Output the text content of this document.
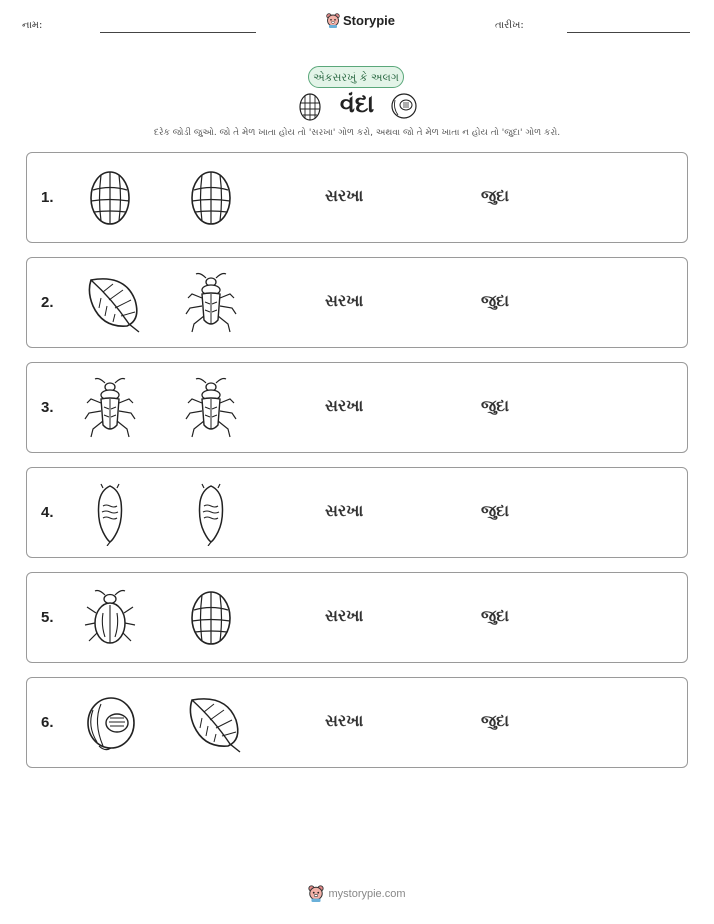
નામ:	Storypie	તારીખ:
એકસરખું કે અલગ
વંદા
દરેક જોડી જુઓ. જો તે મેળ ખાતા હોય તો 'સરખા' ગોળ કરો, અથવા જો તે મેળ ખાતા ન હોય તો 'જુદા' ગોળ કરો.
1.	સરખા	જુદા
2.	સરખા	જુદા
3.	સરખા	જુદા
4.	સરખા	જુદા
5.	સરખા	જુદા
6.	સરખા	જુદા
mystorypie.com
